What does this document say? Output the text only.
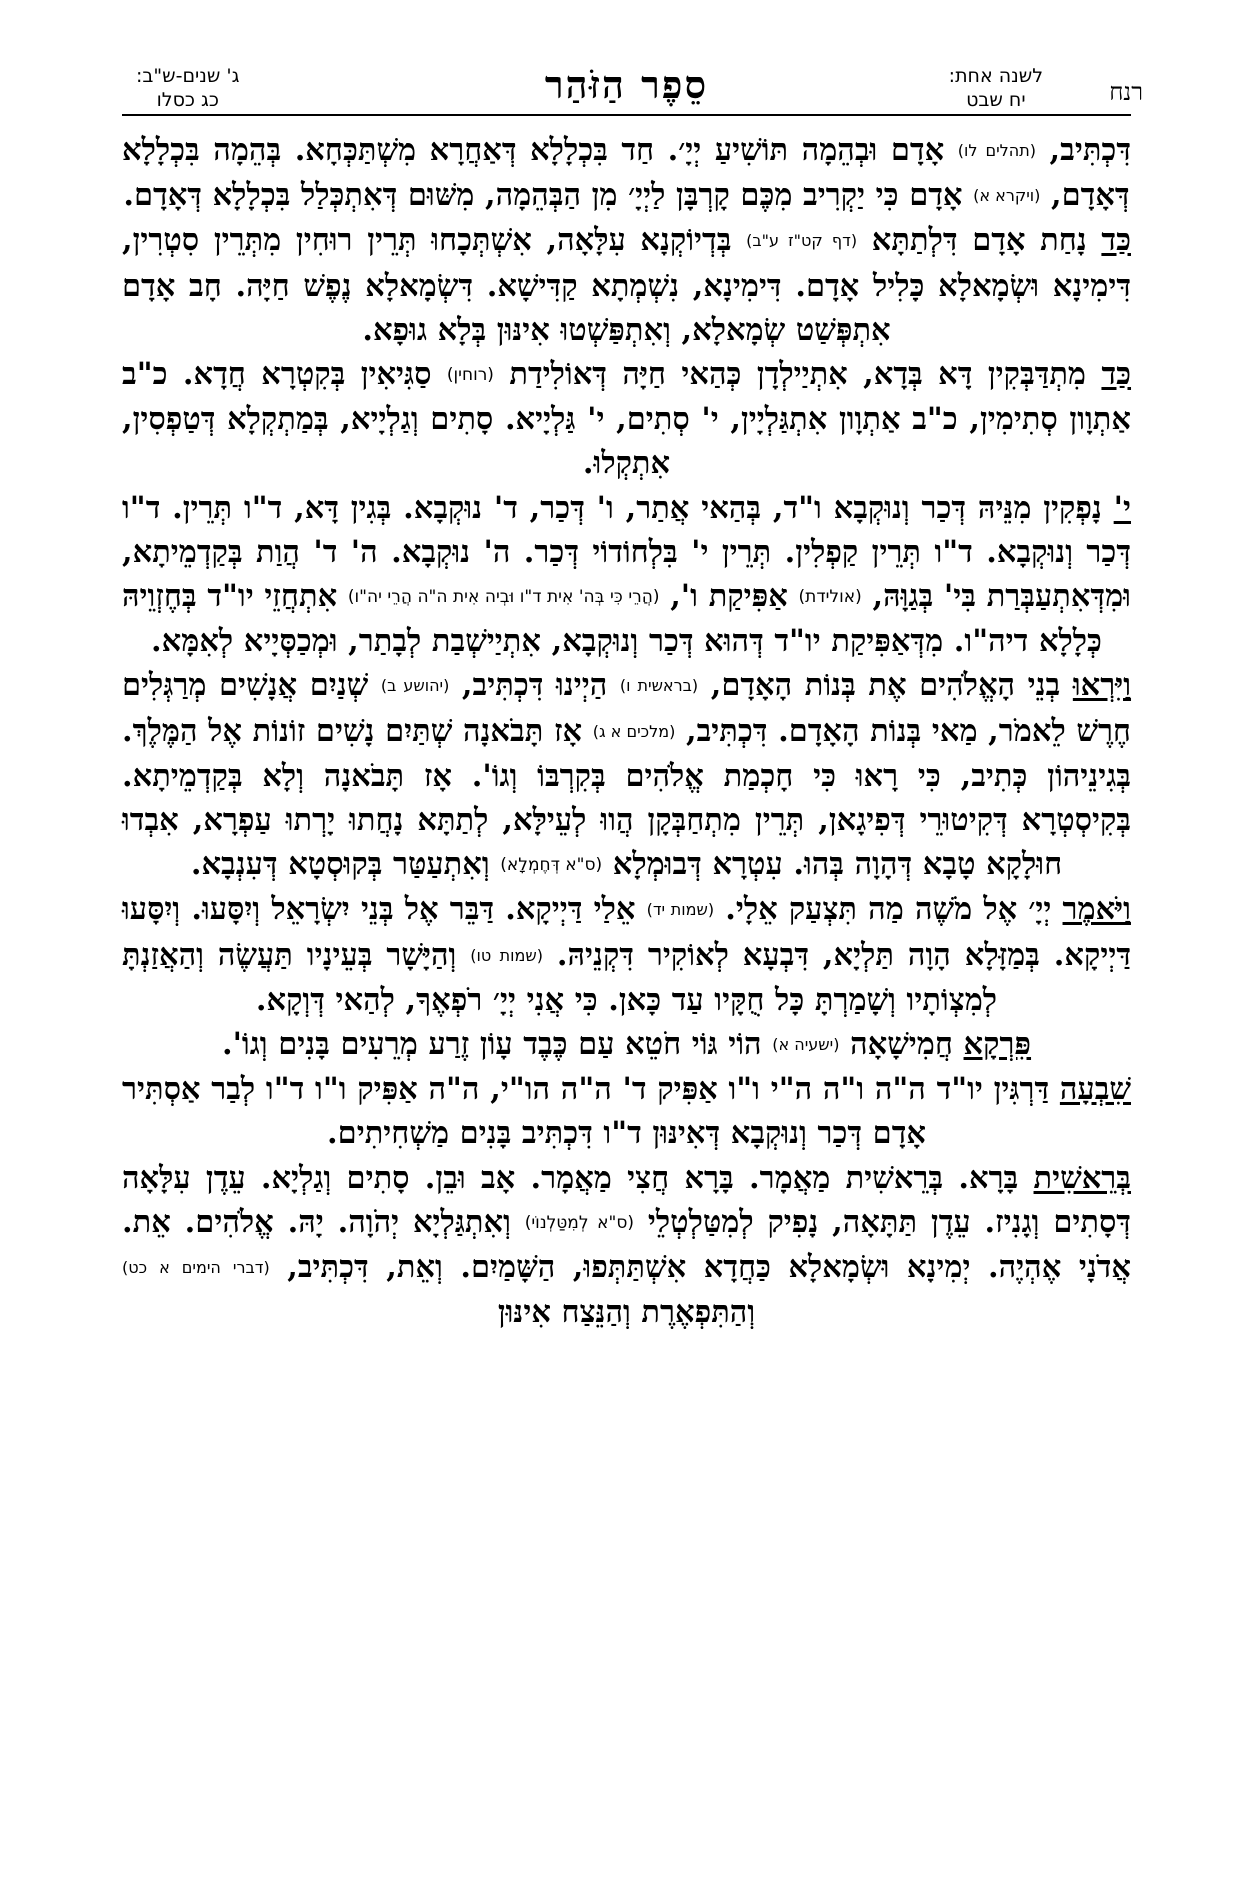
רנח
לשנה אחת:
יח שבט
סֵפֶר הַזֹּהַר
ג' שנים-ש"ב:
כג כסלו

דִּכְתִּיב, (תהלים לו) אָדָם וּבְהֵמָה תּוֹשִׁיעַ יְיָ׳. חַד בִּכְלָלָא דְּאַחֲרָא מִשְׁתַּכְּחָא. בְּהֵמָה בִּכְלָלָא דְּאָדָם, (ויקרא א) אָדָם כִּי יַקְרִיב מִכֶּם קָרְבָּן לַיְיָ׳ מִן הַבְּהֵמָה, מִשּׁוּם דְּאִתְכְּלַל בִּכְלָלָא דְּאָדָם.

כַּד נָחַת אָדָם דִּלְתַתָּא (דף קט"ז ע"ב) בְּדְיוֹקְנָא עִלָּאָה, אִשְׁתְּכָחוּ תְּרֵין רוּחִין מִתְּרֵין סִטְרִין, דִּימִינָא וּשְׂמָאלָא כָּלִיל אָדָם. דִּימִינָא, נִשְׁמְתָא קַדִּישָׁא. דִּשְׂמָאלָא נֶפֶשׁ חַיָּה. חָב אָדָם אִתְפְּשַׁט שְׂמָאלָא, וְאִתְפַּשְׁטוּ אִינּוּן בְּלָא גוּפָא.

כַּד מִתְדַּבְּקִין דָּא בְּדָא, אִתְיַילְדָן כְּהַאי חַיָּה דְּאוֹלִידַת (רוחין) סַגִּיאִין בְּקִטְרָא חֲדָא. כ"ב אַתְוָון סְתִימִין, כ"ב אַתְוָון אִתְגַּלְיָין, י' סְתִים, י' גַּלְיָיא. סָתִים וְגַלְיָיא, בְּמַתְקְלָא דְּטַפְסִין, אִתְקְלוּ.

י' נָפְקִין מִנֵּיהּ דְּכַר וְנוּקְבָא ו"ד, בְּהַאי אֲתַר, ו' דְּכַר, ד' נוּקְבָא. בְּגִין דָּא, ד"ו תְּרֵין. ד"ו דְּכַר וְנוּקְבָא. ד"ו תְּרֵין קַפְלִין. תְּרֵין י' בִּלְחוֹדוֹי דְּכַר. ה' נוּקְבָא. ה' ד' הֲוַת בְּקַדְמֵיתָא, וּמִדְּאִתְעַבְּרַת בִּי' בְּגַוָּהּ, (אולידת) אַפִּיקַת ו', (הֲרֵי כִּי בְּה' אִית ד"ו וּבְיה אִית ה"ה הֲרֵי יה"ו) אִתְחֲזֵי יו"ד בְּחֶזְוֵיהּ כְּלָלָא דיה"ו. מִדְּאַפִּיקַת יו"ד דְּהוּא דְּכַר וְנוּקְבָא, אִתְיַישְׁבַת לְבָתַר, וּמְכַסְּיָיא לְאִמָּא.

וַיִּרְאוּ בְנֵי הָאֱלֹהִים אֶת בְּנוֹת הָאָדָם, (בראשית ו) הַיְינוּ דִּכְתִּיב, (יהושע ב) שְׁנַיִם אֲנָשִׁים מְרַגְּלִים חֶרֶשׁ לֵאמֹר, מַאי בְּנוֹת הָאָדָם. דִּכְתִּיב, (מלכים א ג) אָז תָּבֹאנָה שְׁתַּיִם נָשִׁים זוֹנוֹת אֶל הַמֶּלֶךְ. בְּגִינֵיהוֹן כְּתִיב, כִּי רָאוּ כִּי חָכְמַת אֱלֹהִים בְּקִרְבּוֹ וְגוֹ'. אָז תָּבֹאנָה וְלָא בְּקַדְמֵיתָא. בְּקִיסְטְרָא דְּקִיטוּרֵי דְּפִיגָאן, תְּרֵין מִתְחַבְּקָן הֲווּ לְעֵילָּא, לְתַתָּא נָחֲתוּ יָרְתוּ עַפְרָא, אִבְדוּ חוּלָקָא טָבָא דְּהָוָה בְּהוּ. עִטְרָא דְּבוּמְלָא (ס"א דְּחֶמְלָא) וְאִתְעַטַּר בְּקוּסְטָא דְּעִנְבָא.

וַיֹּאמֶר יְיָ׳ אֶל מֹשֶׁה מַה תִּצְעַק אֵלָי. (שמות יד) אֵלַי דַּיְיקָא. דַּבֵּר אֶל בְּנֵי יִשְׂרָאֵל וְיִסָּעוּ. וְיִסָּעוּ דַּיְיקָא. בְּמַזָּלָא הָוָה תַּלְיָא, דִּבְעָא לְאוֹקִיר דִּקְנֵיהּ. (שמות טו) וְהַיָּשָׁר בְּעֵינָיו תַּעֲשֶׂה וְהַאֲזַנְתָּ לְמִצְוֹתָיו וְשָׁמַרְתָּ כָּל חֻקָּיו עַד כָּאן. כִּי אֲנִי יְיָ׳ רֹפְאֶךָ, לְהַאי דְּוְקָא.

פִּרְקָא חֲמִישָׁאָה (ישעיה א) הוֹי גּוֹי חֹטֵא עַם כֶּבֶד עָוֹן זֶרַע מְרֵעִים בָּנִים וְגוֹ'.

שִׁבְעָה דַּרְגִּין יו"ד ה"ה ו"ה ה"י ו"ו אַפִּיק ד' ה"ה הו"י, ה"ה אַפִּיק ו"ו ד"ו לְבַר אַסְתִּיר אָדָם דְּכַר וְנוּקְבָא דְּאִינּוּן ד"ו דִּכְתִּיב בָּנִים מַשְׁחִיתִים.

בְּרֵאשִׁית בָּרָא. בְּרֵאשִׁית מַאֲמָר. בָּרָא חֲצִי מַאֲמָר. אָב וּבֵן. סָתִים וְגַלְיָא. עֵדֶן עִלָּאָה דְּסָתִים וְגָנִיז. עֵדֶן תַּתָּאָה, נָפִיק לְמִטַּלְטְלֵי (ס"א לְמִטַּלְנוֹי) וְאִתְגַּלְיָא יְהֹוָה. יָהּ. אֱלֹהִים. אֵת. אֲדֹנָי אֶהְיֶה. יְמִינָא וּשְׂמָאלָא כַּחֲדָא אִשְׁתַּתְּפוּ, הַשָּׁמַיִם. וְאֵת, דִּכְתִּיב, (דברי הימים א כט) וְהַתִּפְאֶרֶת וְהַנֵּצַח אִינּוּן
